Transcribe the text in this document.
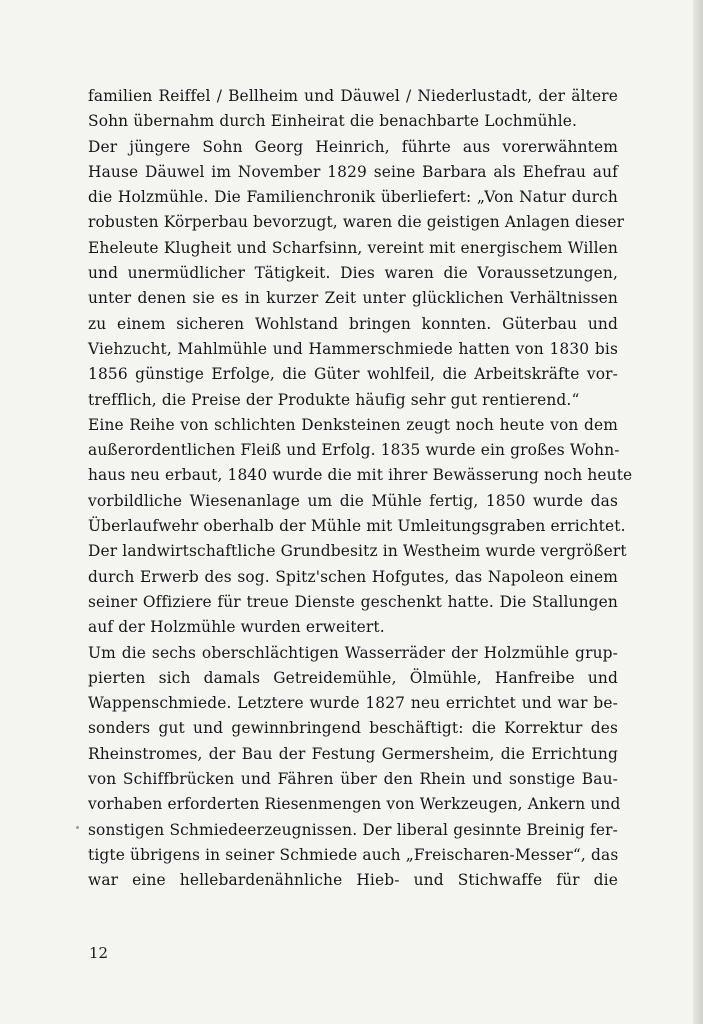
familien Reiffel / Bellheim und Däuwel / Niederlustadt, der ältere
Sohn übernahm durch Einheirat die benachbarte Lochmühle.
Der jüngere Sohn Georg Heinrich, führte aus vorerwähntem
Hause Däuwel im November 1829 seine Barbara als Ehefrau auf
die Holzmühle. Die Familienchronik überliefert: „Von Natur durch
robusten Körperbau bevorzugt, waren die geistigen Anlagen dieser
Eheleute Klugheit und Scharfsinn, vereint mit energischem Willen
und unermüdlicher Tätigkeit. Dies waren die Voraussetzungen,
unter denen sie es in kurzer Zeit unter glücklichen Verhältnissen
zu einem sicheren Wohlstand bringen konnten. Güterbau und
Viehzucht, Mahlmühle und Hammerschmiede hatten von 1830 bis
1856 günstige Erfolge, die Güter wohlfeil, die Arbeitskräfte vor-
trefflich, die Preise der Produkte häufig sehr gut rentierend.“
Eine Reihe von schlichten Denksteinen zeugt noch heute von dem
außerordentlichen Fleiß und Erfolg. 1835 wurde ein großes Wohn-
haus neu erbaut, 1840 wurde die mit ihrer Bewässerung noch heute
vorbildliche Wiesenanlage um die Mühle fertig, 1850 wurde das
Überlaufwehr oberhalb der Mühle mit Umleitungsgraben errichtet.
Der landwirtschaftliche Grundbesitz in Westheim wurde vergrößert
durch Erwerb des sog. Spitz'schen Hofgutes, das Napoleon einem
seiner Offiziere für treue Dienste geschenkt hatte. Die Stallungen
auf der Holzmühle wurden erweitert.
Um die sechs oberschlächtigen Wasserräder der Holzmühle grup-
pierten sich damals Getreidemühle, Ölmühle, Hanfreibe und
Wappenschmiede. Letztere wurde 1827 neu errichtet und war be-
sonders gut und gewinnbringend beschäftigt: die Korrektur des
Rheinstromes, der Bau der Festung Germersheim, die Errichtung
von Schiffbrücken und Fähren über den Rhein und sonstige Bau-
vorhaben erforderten Riesenmengen von Werkzeugen, Ankern und
sonstigen Schmiedeerzeugnissen. Der liberal gesinnte Breinig fer-
tigte übrigens in seiner Schmiede auch „Freischaren-Messer“, das
war eine hellebardenähnliche Hieb- und Stichwaffe für die
12
